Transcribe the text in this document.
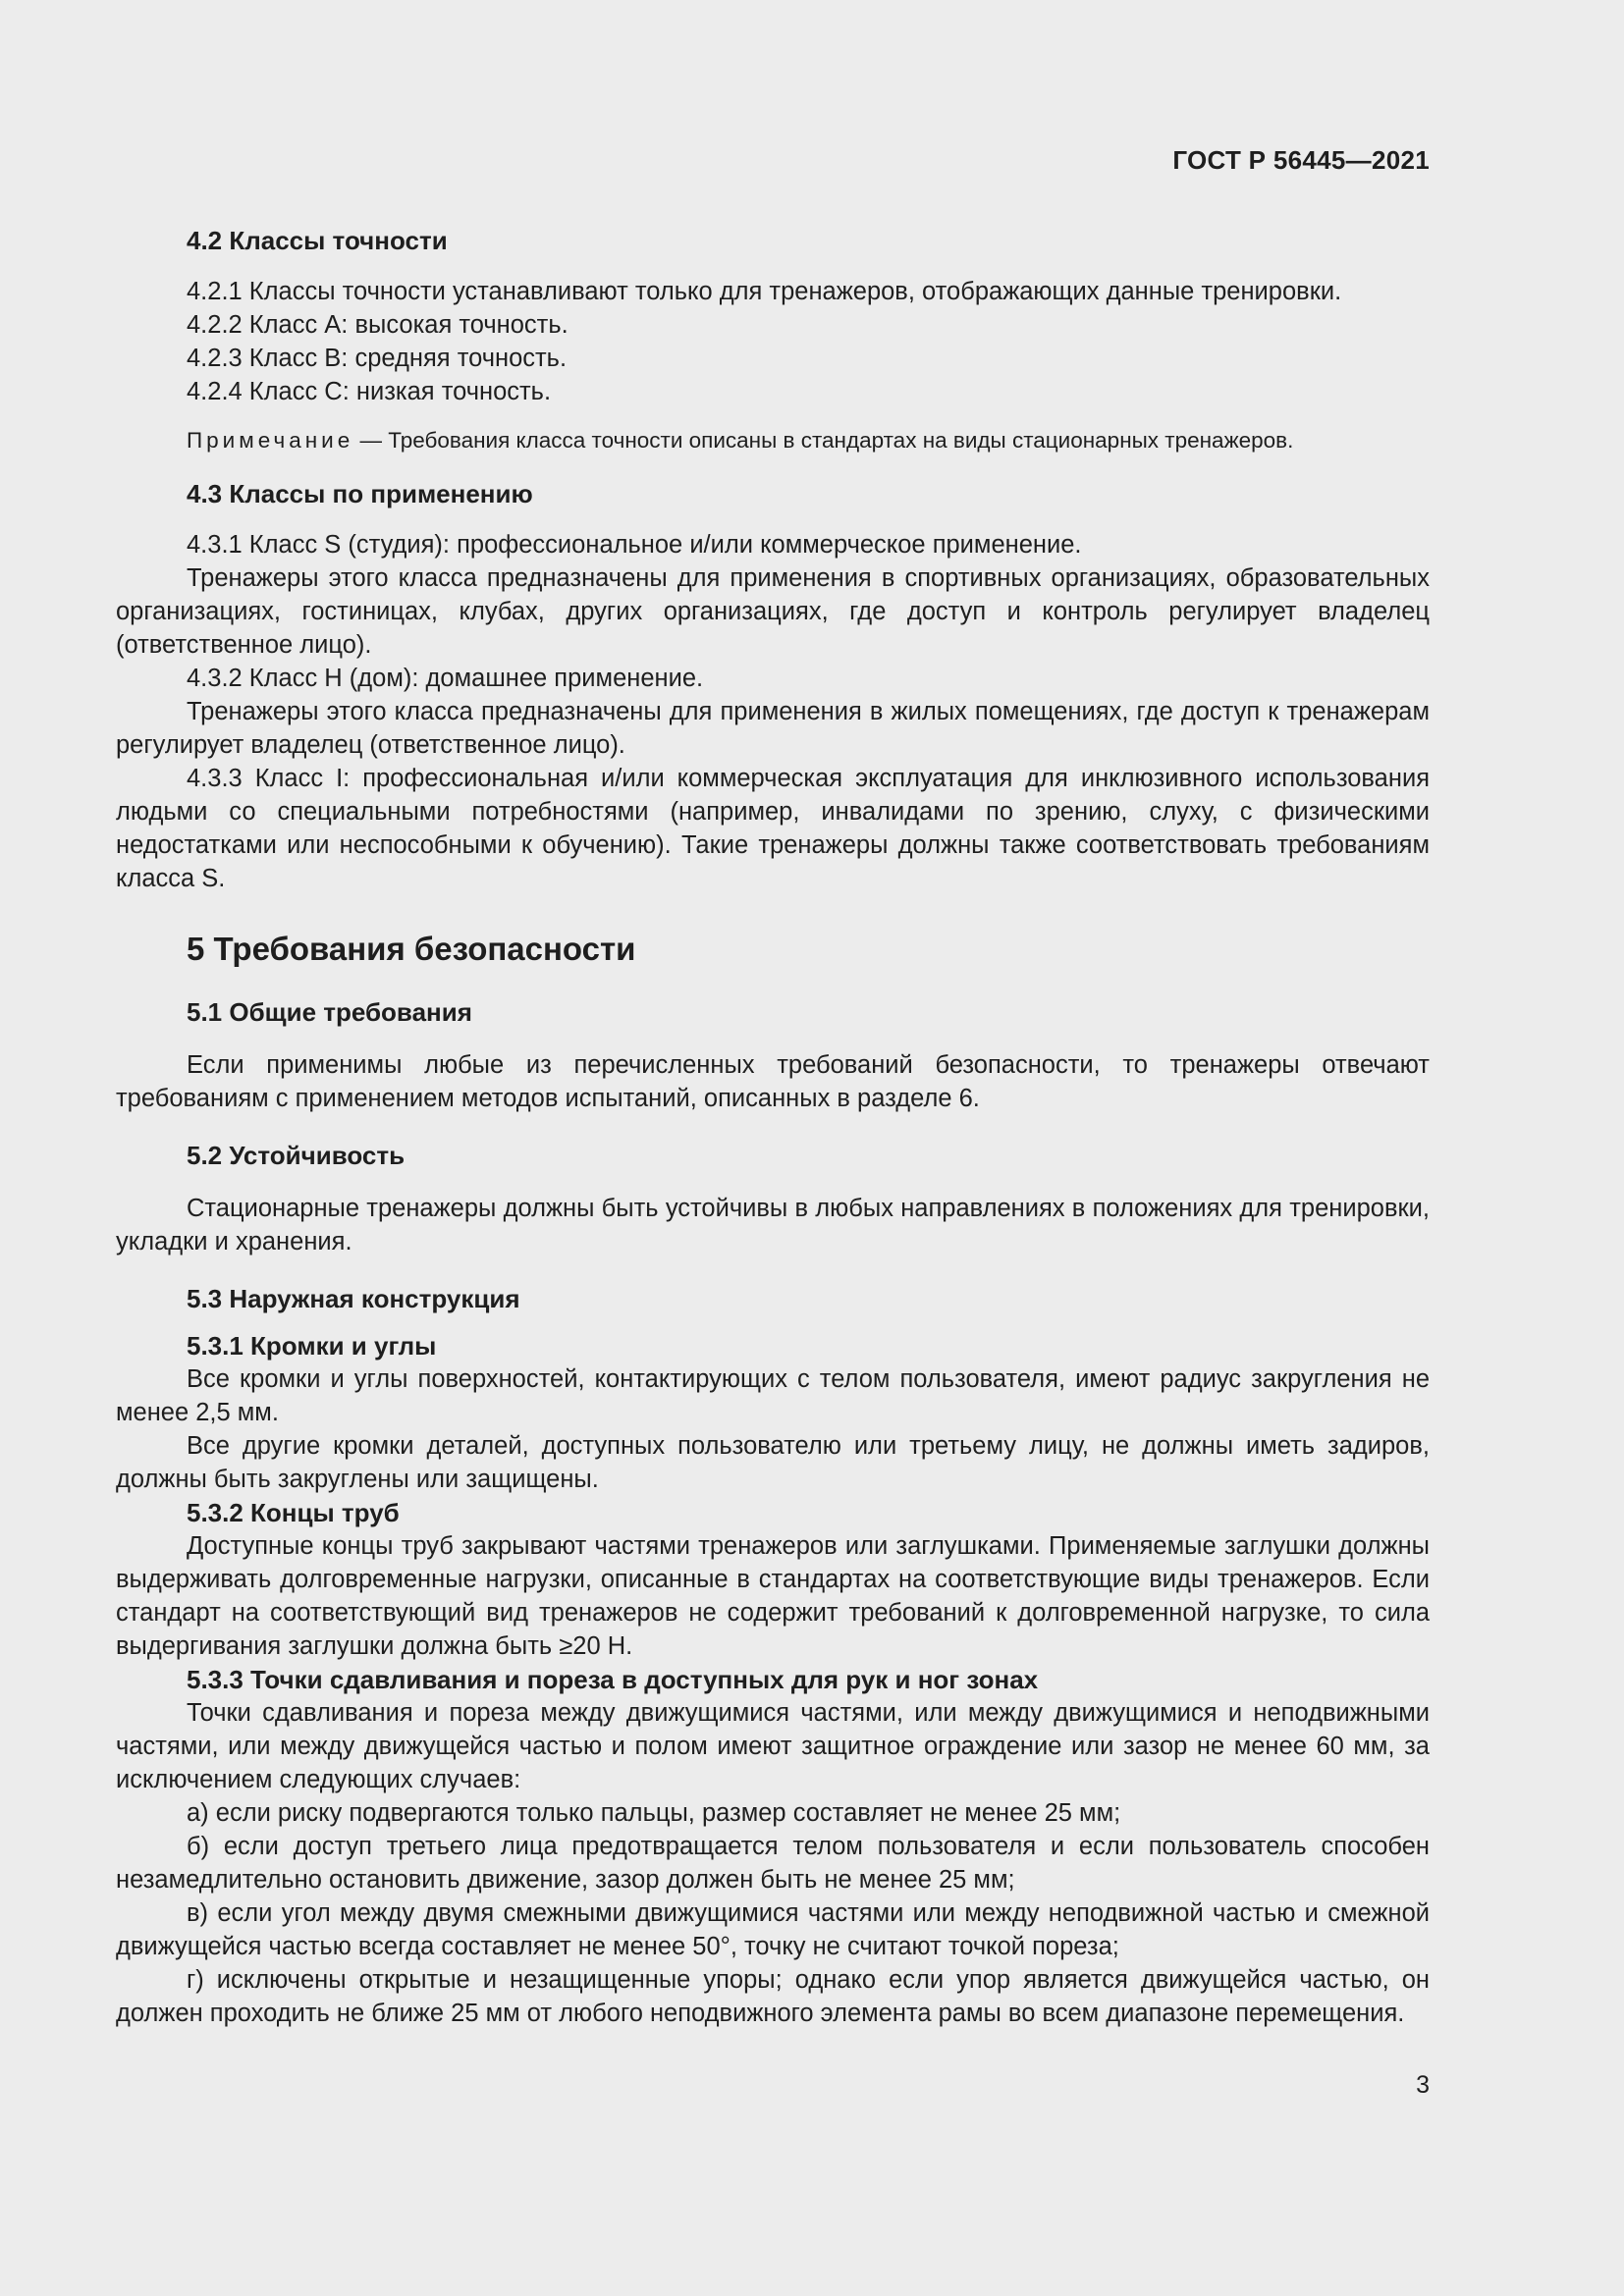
ГОСТ Р 56445—2021
4.2 Классы точности

4.2.1 Классы точности устанавливают только для тренажеров, отображающих данные тренировки.

4.2.2 Класс А: высокая точность.

4.2.3 Класс В: средняя точность.

4.2.4 Класс С: низкая точность.

Примечание — Требования класса точности описаны в стандартах на виды стационарных тренажеров.

4.3 Классы по применению

4.3.1 Класс S (студия): профессиональное и/или коммерческое применение.

Тренажеры этого класса предназначены для применения в спортивных организациях, образовательных организациях, гостиницах, клубах, других организациях, где доступ и контроль регулирует владелец (ответственное лицо).

4.3.2 Класс Н (дом): домашнее применение.

Тренажеры этого класса предназначены для применения в жилых помещениях, где доступ к тренажерам регулирует владелец (ответственное лицо).

4.3.3 Класс I: профессиональная и/или коммерческая эксплуатация для инклюзивного использования людьми со специальными потребностями (например, инвалидами по зрению, слуху, с физическими недостатками или неспособными к обучению). Такие тренажеры должны также соответствовать требованиям класса S.

5 Требования безопасности
5.1 Общие требования

Если применимы любые из перечисленных требований безопасности, то тренажеры отвечают требованиям с применением методов испытаний, описанных в разделе 6.

5.2 Устойчивость

Стационарные тренажеры должны быть устойчивы в любых направлениях в положениях для тренировки, укладки и хранения.

5.3 Наружная конструкция
5.3.1 Кромки и углы

Все кромки и углы поверхностей, контактирующих с телом пользователя, имеют радиус закругления не менее 2,5 мм.

Все другие кромки деталей, доступных пользователю или третьему лицу, не должны иметь задиров, должны быть закруглены или защищены.

5.3.2 Концы труб

Доступные концы труб закрывают частями тренажеров или заглушками. Применяемые заглушки должны выдерживать долговременные нагрузки, описанные в стандартах на соответствующие виды тренажеров. Если стандарт на соответствующий вид тренажеров не содержит требований к долговременной нагрузке, то сила выдергивания заглушки должна быть ≥20 Н.

5.3.3 Точки сдавливания и пореза в доступных для рук и ног зонах

Точки сдавливания и пореза между движущимися частями, или между движущимися и неподвижными частями, или между движущейся частью и полом имеют защитное ограждение или зазор не менее 60 мм, за исключением следующих случаев:

а) если риску подвергаются только пальцы, размер составляет не менее 25 мм;

б) если доступ третьего лица предотвращается телом пользователя и если пользователь способен незамедлительно остановить движение, зазор должен быть не менее 25 мм;

в) если угол между двумя смежными движущимися частями или между неподвижной частью и смежной движущейся частью всегда составляет не менее 50°, точку не считают точкой пореза;

г) исключены открытые и незащищенные упоры; однако если упор является движущейся частью, он должен проходить не ближе 25 мм от любого неподвижного элемента рамы во всем диапазоне перемещения.

3
